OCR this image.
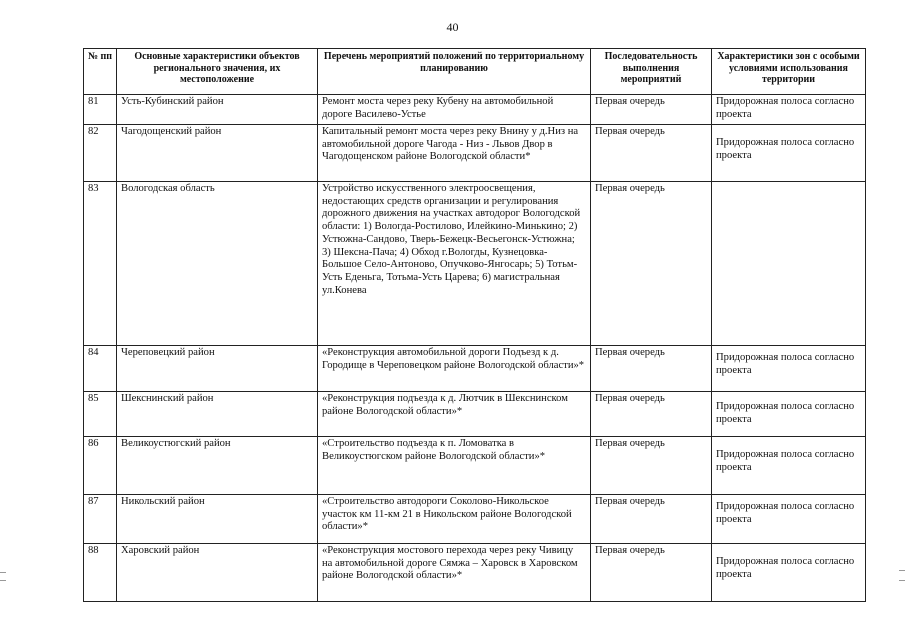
40
№ пп	Основные характеристики объектов регионального значения, их местоположение	Перечень мероприятий положений по территориальному планированию	Последовательность выполнения мероприятий	Характеристики зон с особыми условиями использования территории
81	Усть-Кубинский район	Ремонт моста через реку Кубену на автомобильной дороге Василево-Устье	Первая очередь	Придорожная полоса согласно проекта
82	Чагодощенский район	Капитальный ремонт моста через реку Внину у д.Низ на автомобильной дороге Чагода - Низ - Львов Двор в Чагодощенском районе Вологодской области*	Первая очередь	Придорожная полоса согласно проекта
83	Вологодская область	Устройство искусственного электроосвещения, недостающих средств организации и регулирования дорожного движения на участках автодорог Вологодской области: 1) Вологда-Ростилово, Илейкино-Минькино; 2) Устюжна-Сандово, Тверь-Бежецк-Весьегонск-Устюжна; 3) Шексна-Пача; 4) Обход г.Вологды, Кузнецовка-Большое Село-Антоново, Опучково-Янгосарь; 5) Тотьм-Усть Еденьга, Тотьма-Усть Царева; 6) магистральная ул.Конева	Первая очередь	
84	Череповецкий район	«Реконструкция автомобильной дороги Подъезд к д. Городище в Череповецком районе Вологодской области»*	Первая очередь	Придорожная полоса согласно проекта
85	Шекснинский район	«Реконструкция подъезда к д. Лютчик в Шекснинском районе Вологодской области»*	Первая очередь	Придорожная полоса согласно проекта
86	Великоустюгский район	«Строительство подъезда к п. Ломоватка в Великоустюгском районе Вологодской области»*	Первая очередь	Придорожная полоса согласно проекта
87	Никольский район	«Строительство автодороги Соколово-Никольское участок км 11-км 21 в Никольском районе Вологодской области»*	Первая очередь	Придорожная полоса согласно проекта
88	Харовский район	«Реконструкция мостового перехода через реку Чивицу на автомобильной дороге Сямжа – Харовск в Харовском районе Вологодской области»*	Первая очередь	Придорожная полоса согласно проекта
